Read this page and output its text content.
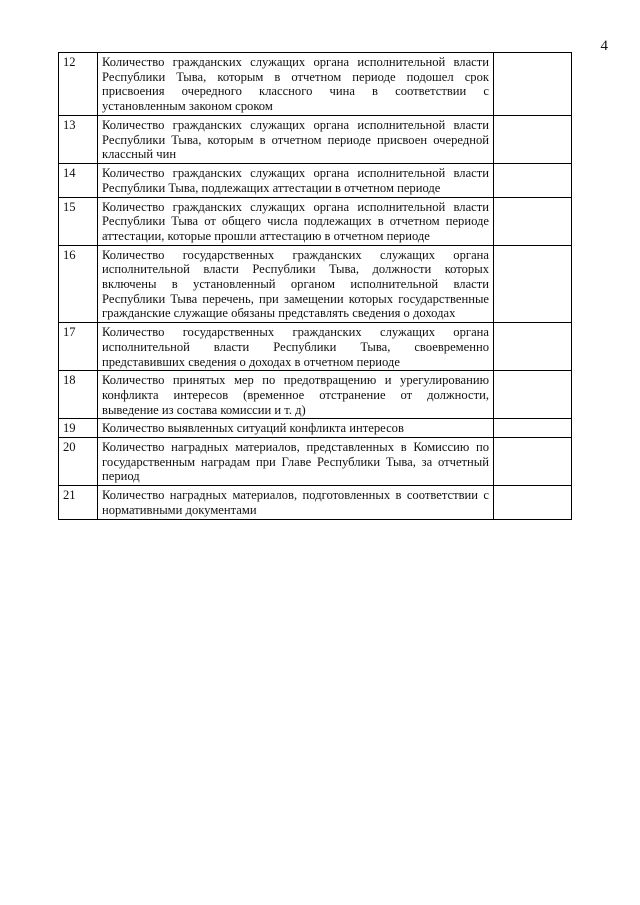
4
12	Количество гражданских служащих органа исполнительной власти Республики Тыва, которым в отчетном периоде подошел срок присвоения очередного классного чина в соответствии с установленным законом сроком	
13	Количество гражданских служащих органа исполнительной власти Республики Тыва, которым в отчетном периоде присвоен очередной классный чин	
14	Количество гражданских служащих органа исполнительной власти Республики Тыва, подлежащих аттестации в отчетном периоде	
15	Количество гражданских служащих органа исполнительной власти Республики Тыва от общего числа подлежащих в отчетном периоде аттестации, которые прошли аттестацию в отчетном периоде	
16	Количество государственных гражданских служащих органа исполнительной власти Республики Тыва, должности которых включены в установленный органом исполнительной власти Республики Тыва перечень, при замещении которых государственные гражданские служащие обязаны представлять сведения о доходах	
17	Количество государственных гражданских служащих органа исполнительной власти Республики Тыва, своевременно представивших сведения о доходах в отчетном периоде	
18	Количество принятых мер по предотвращению и урегулированию конфликта интересов (временное отстранение от должности, выведение из состава комиссии и т. д)	
19	Количество выявленных ситуаций конфликта интересов	
20	Количество наградных материалов, представленных в Комиссию по государственным наградам при Главе Республики Тыва, за отчетный период	
21	Количество наградных материалов, подготовленных в соответствии с нормативными документами	
